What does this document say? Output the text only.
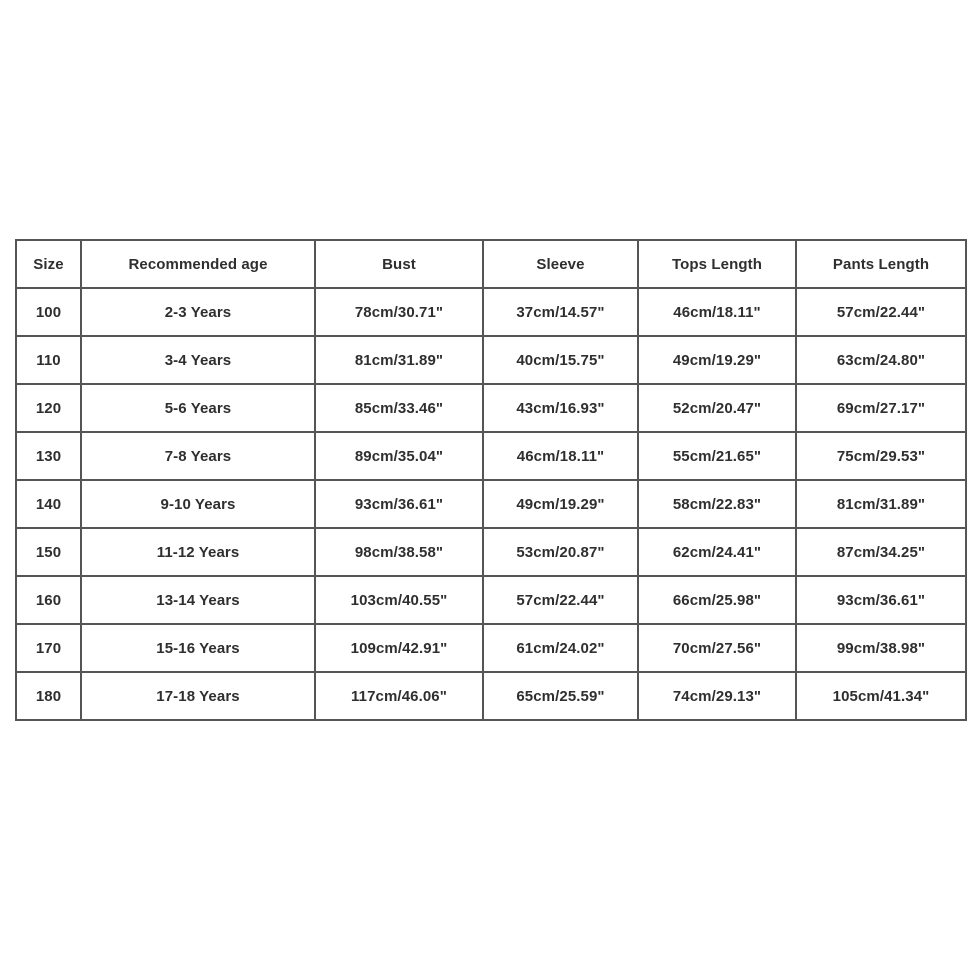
Size	Recommended age	Bust	Sleeve	Tops Length	Pants Length
100	2-3 Years	78cm/30.71"	37cm/14.57"	46cm/18.11"	57cm/22.44"
110	3-4 Years	81cm/31.89"	40cm/15.75"	49cm/19.29"	63cm/24.80"
120	5-6 Years	85cm/33.46"	43cm/16.93"	52cm/20.47"	69cm/27.17"
130	7-8 Years	89cm/35.04"	46cm/18.11"	55cm/21.65"	75cm/29.53"
140	9-10 Years	93cm/36.61"	49cm/19.29"	58cm/22.83"	81cm/31.89"
150	11-12 Years	98cm/38.58"	53cm/20.87"	62cm/24.41"	87cm/34.25"
160	13-14 Years	103cm/40.55"	57cm/22.44"	66cm/25.98"	93cm/36.61"
170	15-16 Years	109cm/42.91"	61cm/24.02"	70cm/27.56"	99cm/38.98"
180	17-18 Years	117cm/46.06"	65cm/25.59"	74cm/29.13"	105cm/41.34"
